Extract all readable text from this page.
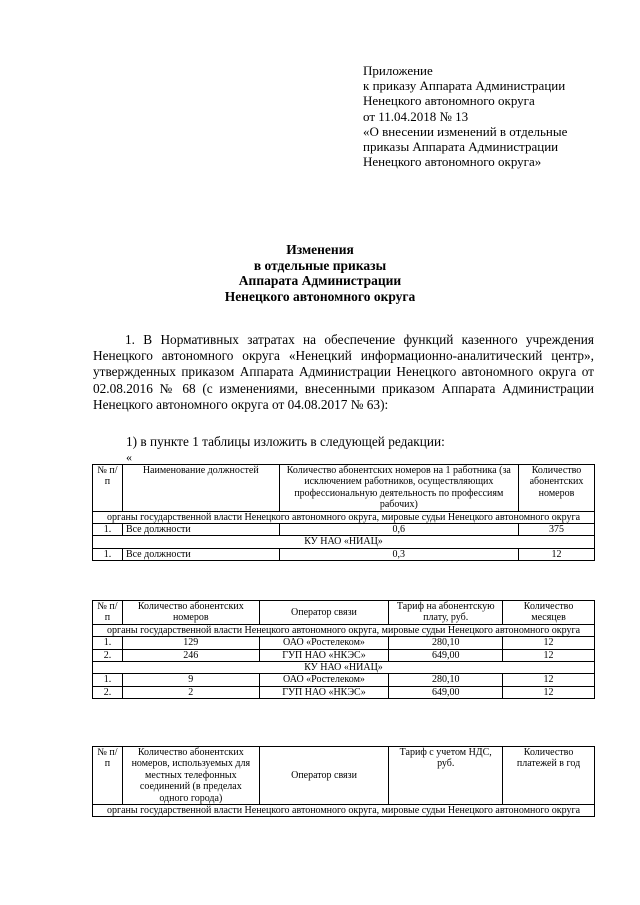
Приложение
к приказу Аппарата Администрации
Ненецкого автономного округа
от 11.04.2018 № 13
«О внесении изменений в отдельные
приказы Аппарата Администрации
Ненецкого автономного округа»
Изменения
в отдельные приказы
Аппарата Администрации
Ненецкого автономного округа
1. В Нормативных затратах на обеспечение функций казенного учреждения Ненецкого автономного округа «Ненецкий информационно-аналитический центр», утвержденных приказом Аппарата Администрации Ненецкого автономного округа от 02.08.2016 № 68 (с изменениями, внесенными приказом Аппарата Администрации Ненецкого автономного округа от 04.08.2017 № 63):
1) в пункте 1 таблицы изложить в следующей редакции:
«
№ п/п	Наименование должностей	Количество абонентских номеров на 1 работника (за исключением работников, осуществляющих профессиональную деятельность по профессиям рабочих)	Количество абонентских номеров
органы государственной власти Ненецкого автономного округа, мировые судьи Ненецкого автономного округа			
1.	Все должности	0,6	375
КУ НАО «НИАЦ»			
1.	Все должности	0,3	12
№ п/п	Количество абонентских номеров	Оператор связи	Тариф на абонентскую плату, руб.	Количество месяцев
органы государственной власти Ненецкого автономного округа, мировые судьи Ненецкого автономного округа				
1.	129	ОАО «Ростелеком»	280,10	12
2.	246	ГУП НАО «НКЭС»	649,00	12
КУ НАО «НИАЦ»				
1.	9	ОАО «Ростелеком»	280,10	12
2.	2	ГУП НАО «НКЭС»	649,00	12
№ п/п	Количество абонентских номеров, используемых для местных телефонных соединений (в пределах одного города)	Оператор связи	Тариф с учетом НДС, руб.	Количество платежей в год
органы государственной власти Ненецкого автономного округа, мировые судьи Ненецкого автономного округа
